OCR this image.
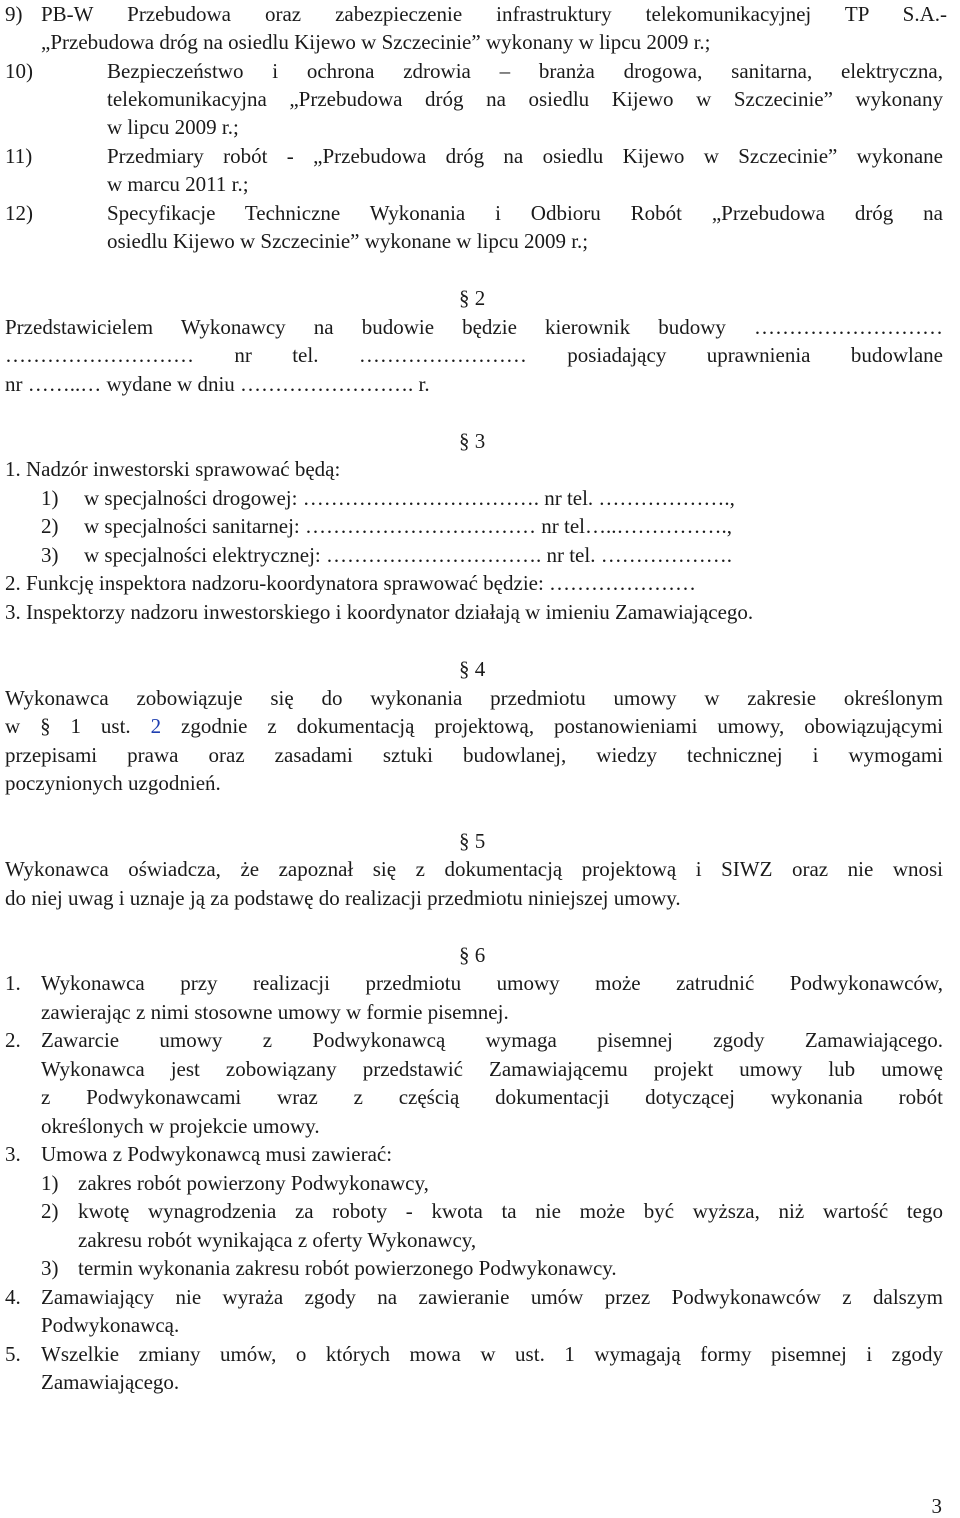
9) PB-W Przebudowa oraz zabezpieczenie infrastruktury telekomunikacyjnej TP S.A.-
„Przebudowa dróg na osiedlu Kijewo w Szczecinie” wykonany w lipcu 2009 r.;
10)	Bezpieczeństwo i ochrona zdrowia – branża drogowa, sanitarna, elektryczna,
telekomunikacyjna „Przebudowa dróg na osiedlu Kijewo w Szczecinie” wykonany
w lipcu 2009 r.;
11)	Przedmiary robót - „Przebudowa dróg na osiedlu Kijewo w Szczecinie” wykonane
w marcu 2011 r.;
12)	Specyfikacje Techniczne Wykonania i Odbioru Robót „Przebudowa dróg na
osiedlu Kijewo w Szczecinie” wykonane w lipcu 2009 r.;
§ 2
Przedstawicielem Wykonawcy na budowie będzie kierownik budowy ………………………
……………………… nr tel. …………………… posiadający uprawnienia budowlane
nr ……..… wydane w dniu ……………………. r.
§ 3
1. Nadzór inwestorski sprawować będą:
1) w specjalności drogowej: ……………………………. nr tel. ……………….,
2) w specjalności sanitarnej: …………………………… nr tel…..…………….,
3) w specjalności elektrycznej: …………………………. nr tel. ……………….
2. Funkcję inspektora nadzoru-koordynatora sprawować będzie: …………………
3. Inspektorzy nadzoru inwestorskiego i koordynator działają w imieniu Zamawiającego.
§ 4
Wykonawca zobowiązuje się do wykonania przedmiotu umowy w zakresie określonym
w § 1 ust. 2 zgodnie z dokumentacją projektową, postanowieniami umowy, obowiązującymi
przepisami prawa oraz zasadami sztuki budowlanej, wiedzy technicznej i wymogami
poczynionych uzgodnień.
§ 5
Wykonawca oświadcza, że zapoznał się z dokumentacją projektową i SIWZ oraz nie wnosi
do niej uwag i uznaje ją za podstawę do realizacji przedmiotu niniejszej umowy.
§ 6
1. Wykonawca przy realizacji przedmiotu umowy może zatrudnić Podwykonawców,
zawierając z nimi stosowne umowy w formie pisemnej.
2. Zawarcie umowy z Podwykonawcą wymaga pisemnej zgody Zamawiającego.
Wykonawca jest zobowiązany przedstawić Zamawiającemu projekt umowy lub umowę
z Podwykonawcami wraz z częścią dokumentacji dotyczącej wykonania robót
określonych w projekcie umowy.
3. Umowa z Podwykonawcą musi zawierać:
1) zakres robót powierzony Podwykonawcy,
2) kwotę wynagrodzenia za roboty - kwota ta nie może być wyższa, niż wartość tego
zakresu robót wynikająca z oferty Wykonawcy,
3) termin wykonania zakresu robót powierzonego Podwykonawcy.
4. Zamawiający nie wyraża zgody na zawieranie umów przez Podwykonawców z dalszym
Podwykonawcą.
5. Wszelkie zmiany umów, o których mowa w ust. 1 wymagają formy pisemnej i zgody
Zamawiającego.
3
